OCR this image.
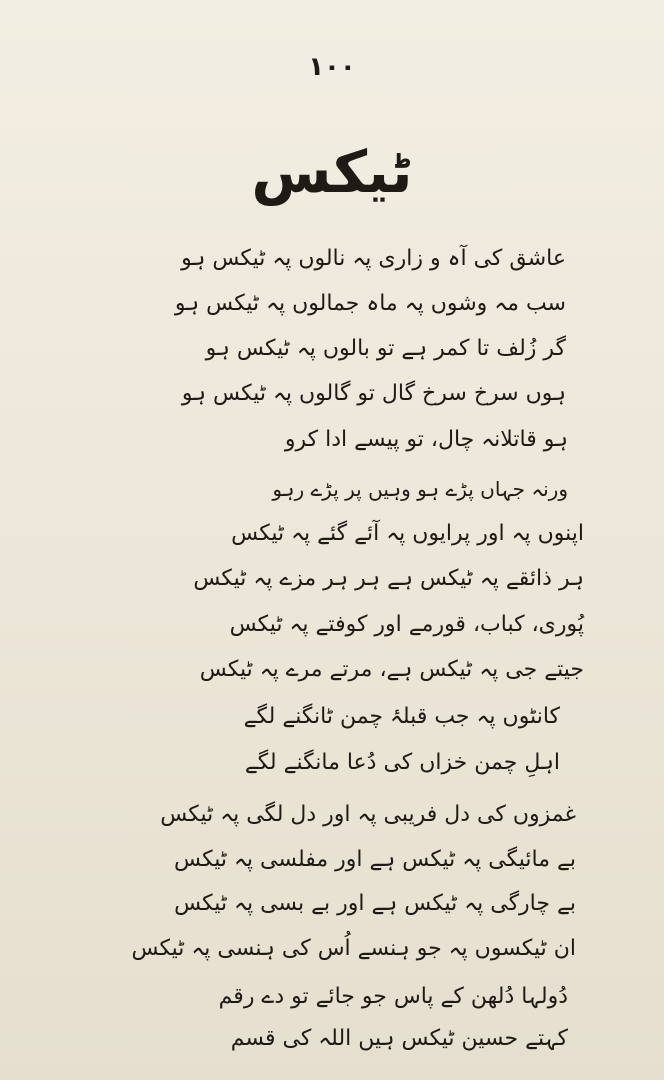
۱۰۰
ٹیکس
عاشق کی آہ و زاری پہ نالوں پہ ٹیکس ہو
سب مہ وشوں پہ ماہ جمالوں پہ ٹیکس ہو
گر زُلف تا کمر ہے تو بالوں پہ ٹیکس ہو
ہوں سرخ سرخ گال تو گالوں پہ ٹیکس ہو
ہو قاتلانہ چال، تو پیسے ادا کرو
ورنہ جہاں پڑے ہو وہیں پر پڑے رہو
اپنوں پہ اور پرایوں پہ آئے گئے پہ ٹیکس
ہر ذائقے پہ ٹیکس ہے ہر ہر مزے پہ ٹیکس
پُوری، کباب، قورمے اور کوفتے پہ ٹیکس
جیتے جی پہ ٹیکس ہے، مرتے مرے پہ ٹیکس
کانٹوں پہ جب قبلۂ چمن ٹانگنے لگے
اہلِ چمن خزاں کی دُعا مانگنے لگے
غمزوں کی دل فریبی پہ اور دل لگی پہ ٹیکس
بے مائیگی پہ ٹیکس ہے اور مفلسی پہ ٹیکس
بے چارگی پہ ٹیکس ہے اور بے بسی پہ ٹیکس
ان ٹیکسوں پہ جو ہنسے اُس کی ہنسی پہ ٹیکس
دُولہا دُلھن کے پاس جو جائے تو دے رقم
کہتے حسین ٹیکس ہیں اللہ کی قسم
